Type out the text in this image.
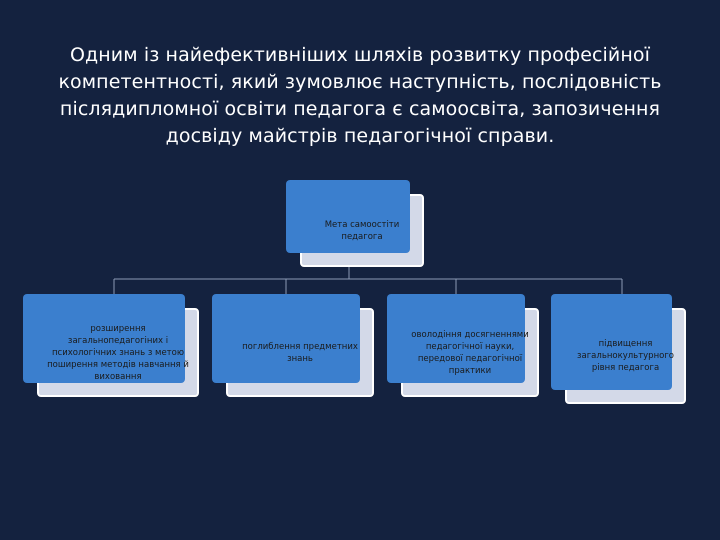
Одним із найефективніших шляхів розвитку професійної компетентності, який зумовлює наступність, послідовність післядипломної освіти педагога є самоосвіта, запозичення досвіду майстрів педагогічної справи.
Мета самоостіти педагога
розширення загальнопедагогіних і психологічних знань з метою поширення методів навчання й виховання
поглиблення предметних знань
оволодіння досягненнями педагогічної науки, передової педагогічної практики
підвищення загальнокультурного рівня педагога
